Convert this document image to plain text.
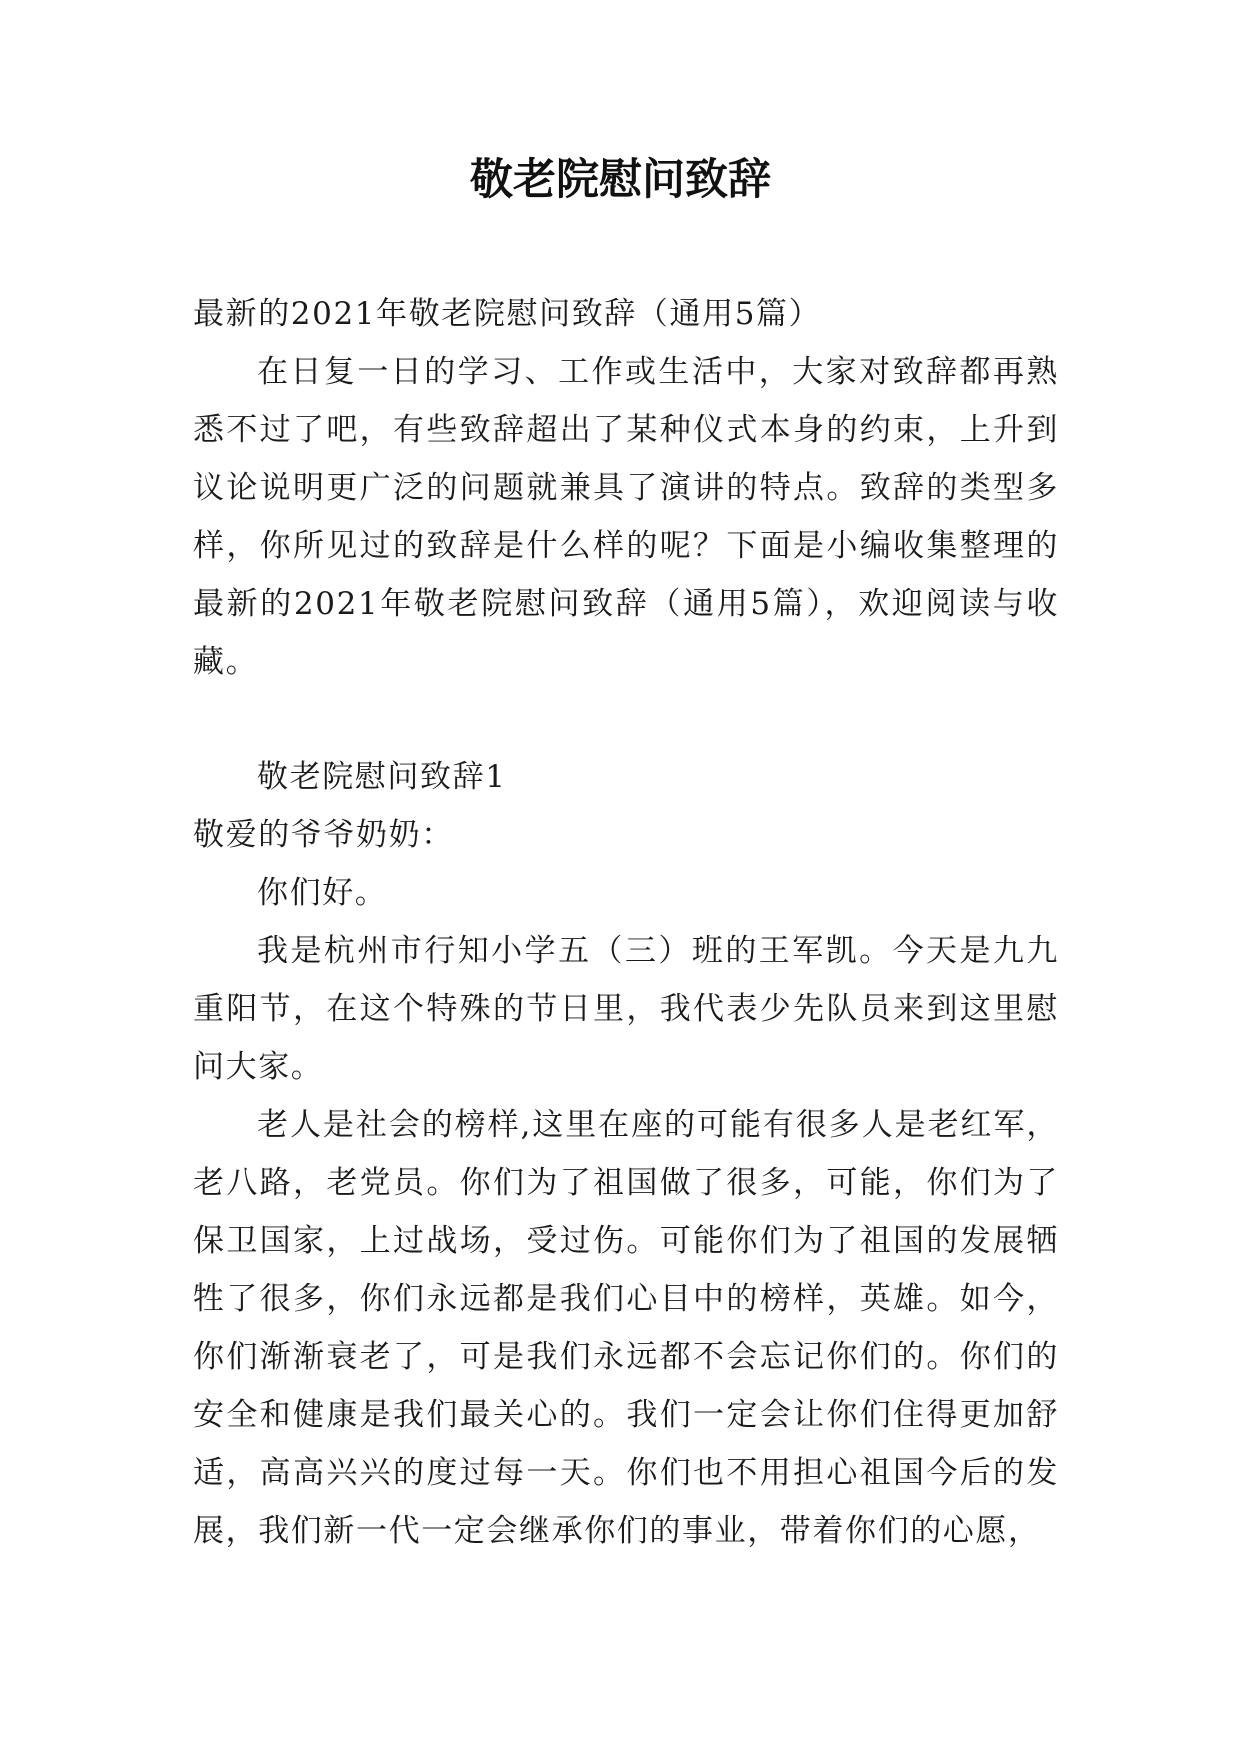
敬老院慰问致辞

最新的2021年敬老院慰问致辞（通用5篇）

在日复一日的学习、工作或生活中，大家对致辞都再熟悉不过了吧，有些致辞超出了某种仪式本身的约束，上升到议论说明更广泛的问题就兼具了演讲的特点。致辞的类型多样，你所见过的致辞是什么样的呢？下面是小编收集整理的最新的2021年敬老院慰问致辞（通用5篇），欢迎阅读与收藏。

敬老院慰问致辞1

敬爱的爷爷奶奶：

你们好。

我是杭州市行知小学五（三）班的王军凯。今天是九九重阳节，在这个特殊的节日里，我代表少先队员来到这里慰问大家。

老人是社会的榜样,这里在座的可能有很多人是老红军，老八路，老党员。你们为了祖国做了很多，可能，你们为了保卫国家，上过战场，受过伤。可能你们为了祖国的发展牺牲了很多，你们永远都是我们心目中的榜样，英雄。如今，你们渐渐衰老了，可是我们永远都不会忘记你们的。你们的安全和健康是我们最关心的。我们一定会让你们住得更加舒适，高高兴兴的度过每一天。你们也不用担心祖国今后的发展，我们新一代一定会继承你们的事业，带着你们的心愿，
